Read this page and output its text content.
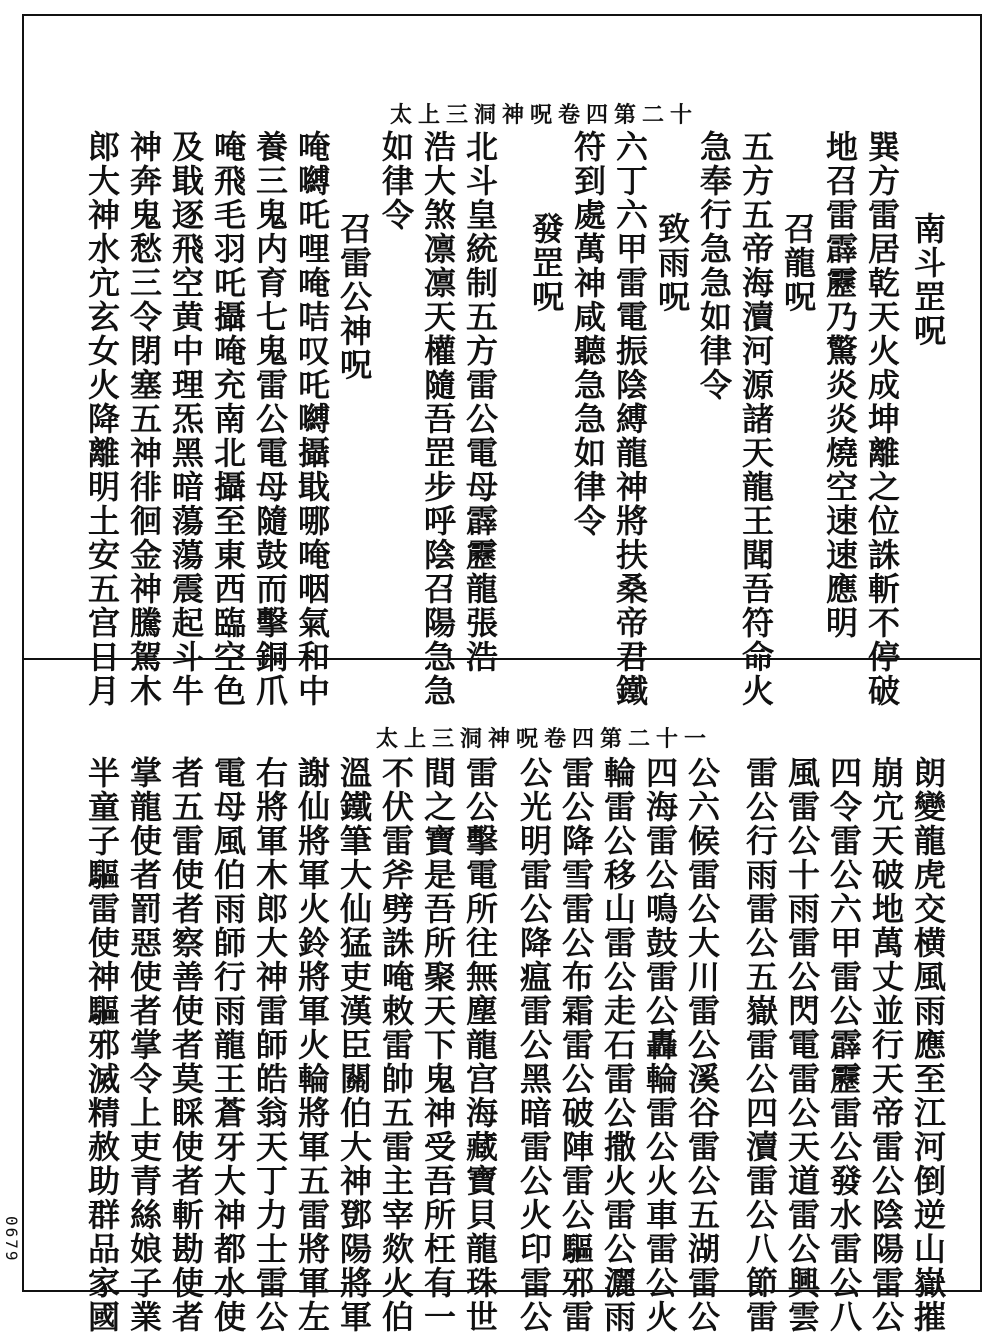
太上三洞神呪卷四第二十
南斗罡呪
巽方雷居乾天火成坤離之位誅斬不停破
地召雷霹靂乃驚炎炎燒空速速應明
召龍呪
五方五帝海瀆河源諸天龍王聞吾符命火
急奉行急急如律令
致雨呪
六丁六甲雷電振陰縛龍神將扶桑帝君鐵
符到處萬神咸聽急急如律令
發罡呪
北斗皇統制五方雷公電母霹靂龍張浩
浩大煞凛凛天權隨吾罡步呼陰召陽急急
如律令
召雷公神呪
唵嚩吒哩唵咭叹吒嚩攝戢哪唵咽氣和中
養三鬼内育七鬼雷公電母隨鼓而擊銅爪
唵飛毛羽吒攝唵充南北攝至東西臨空色
及戢逐飛空黄中理炁黑暗蕩蕩震起斗牛
神奔鬼愁三令閉塞五神徘徊金神騰駕木
郎大神水宂玄女火降離明土安五宫日月
太上三洞神呪卷四第二十一
朗變龍虎交横風雨應至江河倒逆山嶽摧
崩宂天破地萬丈並行天帝雷公陰陽雷公
四令雷公六甲雷公霹靂雷公發水雷公八
風雷公十雨雷公閃電雷公天道雷公興雲
雷公行雨雷公五嶽雷公四瀆雷公八節雷
公六候雷公大川雷公溪谷雷公五湖雷公
四海雷公鳴鼓雷公轟輪雷公火車雷公火
輪雷公移山雷公走石雷公撒火雷公灑雨
雷公降雪雷公布霜雷公破陣雷公驅邪雷
公光明雷公降瘟雷公黑暗雷公火印雷公
雷公擊電所往無塵龍宫海藏寶貝龍珠世
間之寶是吾所聚天下鬼神受吾所枉有一
不伏雷斧劈誅唵敕雷帥五雷主宰欻火伯
溫鐵筆大仙猛吏漢臣關伯大神鄧陽將軍
謝仙將軍火鈴將軍火輪將軍五雷將軍左
右將軍木郎大神雷師皓翁天丁力士雷公
電母風伯雨師行雨龍王蒼牙大神都水使
者五雷使者察善使者莫睬使者斬勘使者
掌龍使者罰惡使者掌令上吏青絲娘子業
半童子驅雷使神驅邪滅精赦助群品家國
0679
